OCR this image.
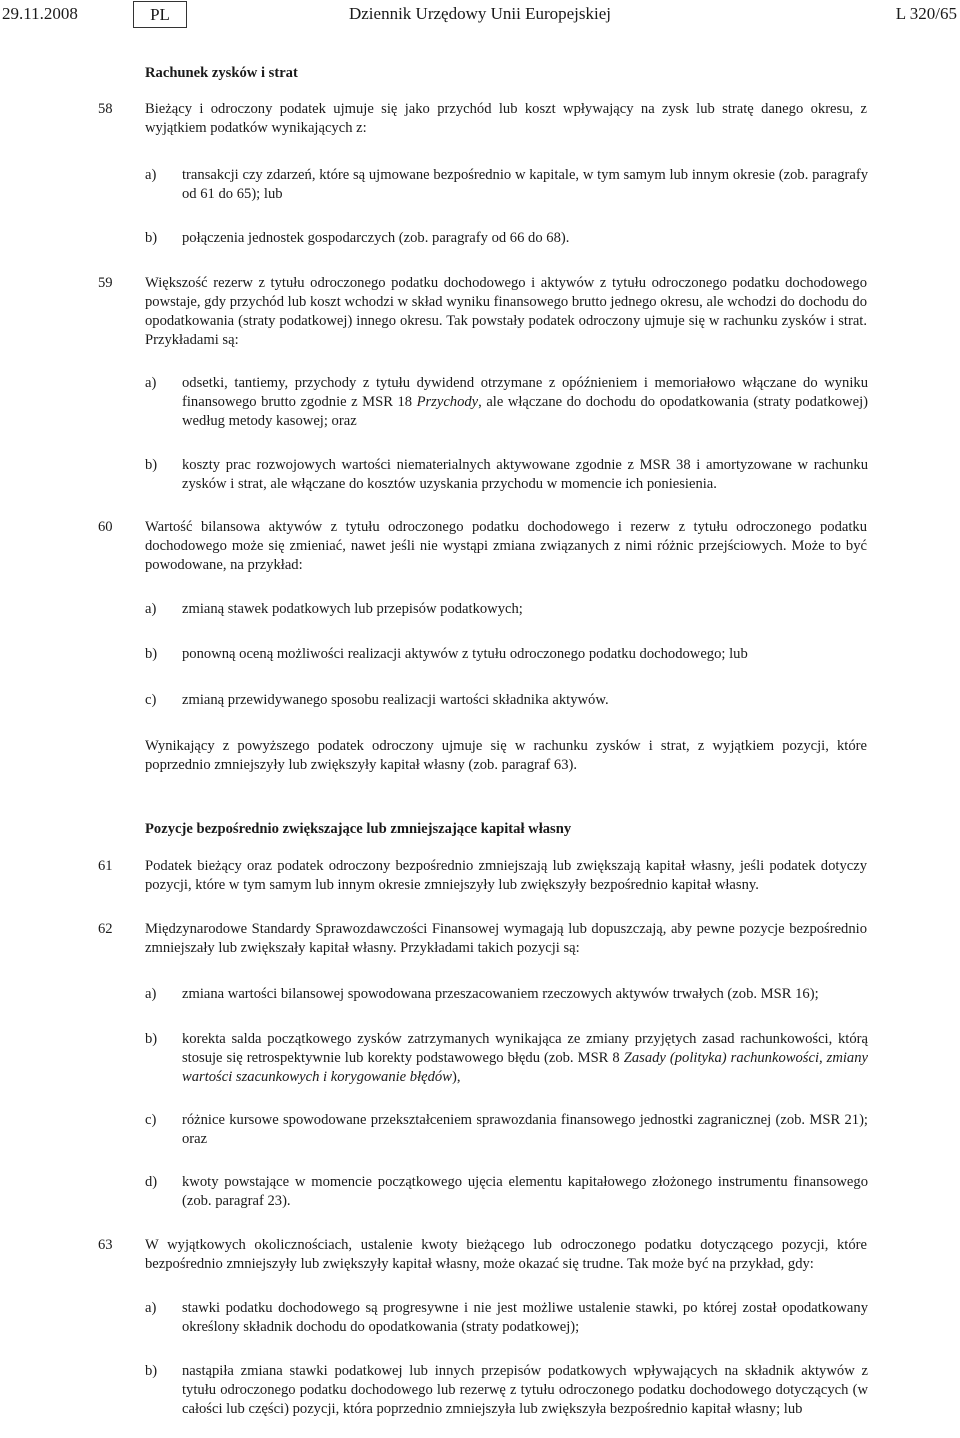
29.11.2008	PL	Dziennik Urzędowy Unii Europejskiej	L 320/65
Rachunek zysków i strat
58 Bieżący i odroczony podatek ujmuje się jako przychód lub koszt wpływający na zysk lub stratę danego okresu, z wyjątkiem podatków wynikających z:
a) transakcji czy zdarzeń, które są ujmowane bezpośrednio w kapitale, w tym samym lub innym okresie (zob. paragrafy od 61 do 65); lub
b) połączenia jednostek gospodarczych (zob. paragrafy od 66 do 68).
59 Większość rezerw z tytułu odroczonego podatku dochodowego i aktywów z tytułu odroczonego podatku dochodowego powstaje, gdy przychód lub koszt wchodzi w skład wyniku finansowego brutto jednego okresu, ale wchodzi do dochodu do opodatkowania (straty podatkowej) innego okresu. Tak powstały podatek odroczony ujmuje się w rachunku zysków i strat. Przykładami są:
a) odsetki, tantiemy, przychody z tytułu dywidend otrzymane z opóźnieniem i memoriałowo włączane do wyniku finansowego brutto zgodnie z MSR 18 Przychody, ale włączane do dochodu do opodatkowania (straty podatkowej) według metody kasowej; oraz
b) koszty prac rozwojowych wartości niematerialnych aktywowane zgodnie z MSR 38 i amortyzowane w rachunku zysków i strat, ale włączane do kosztów uzyskania przychodu w momencie ich poniesienia.
60 Wartość bilansowa aktywów z tytułu odroczonego podatku dochodowego i rezerw z tytułu odroczonego podatku dochodowego może się zmieniać, nawet jeśli nie wystąpi zmiana związanych z nimi różnic przejściowych. Może to być powodowane, na przykład:
a) zmianą stawek podatkowych lub przepisów podatkowych;
b) ponowną oceną możliwości realizacji aktywów z tytułu odroczonego podatku dochodowego; lub
c) zmianą przewidywanego sposobu realizacji wartości składnika aktywów.
Wynikający z powyższego podatek odroczony ujmuje się w rachunku zysków i strat, z wyjątkiem pozycji, które poprzednio zmniejszyły lub zwiększyły kapitał własny (zob. paragraf 63).
Pozycje bezpośrednio zwiększające lub zmniejszające kapitał własny
61 Podatek bieżący oraz podatek odroczony bezpośrednio zmniejszają lub zwiększają kapitał własny, jeśli podatek dotyczy pozycji, które w tym samym lub innym okresie zmniejszyły lub zwiększyły bezpośrednio kapitał własny.
62 Międzynarodowe Standardy Sprawozdawczości Finansowej wymagają lub dopuszczają, aby pewne pozycje bezpośrednio zmniejszały lub zwiększały kapitał własny. Przykładami takich pozycji są:
a) zmiana wartości bilansowej spowodowana przeszacowaniem rzeczowych aktywów trwałych (zob. MSR 16);
b) korekta salda początkowego zysków zatrzymanych wynikająca ze zmiany przyjętych zasad rachunkowości, którą stosuje się retrospektywnie lub korekty podstawowego błędu (zob. MSR 8 Zasady (polityka) rachunkowości, zmiany wartości szacunkowych i korygowanie błędów),
c) różnice kursowe spowodowane przekształceniem sprawozdania finansowego jednostki zagranicznej (zob. MSR 21); oraz
d) kwoty powstające w momencie początkowego ujęcia elementu kapitałowego złożonego instrumentu finansowego (zob. paragraf 23).
63 W wyjątkowych okolicznościach, ustalenie kwoty bieżącego lub odroczonego podatku dotyczącego pozycji, które bezpośrednio zmniejszyły lub zwiększyły kapitał własny, może okazać się trudne. Tak może być na przykład, gdy:
a) stawki podatku dochodowego są progresywne i nie jest możliwe ustalenie stawki, po której został opodatkowany określony składnik dochodu do opodatkowania (straty podatkowej);
b) nastąpiła zmiana stawki podatkowej lub innych przepisów podatkowych wpływających na składnik aktywów z tytułu odroczonego podatku dochodowego lub rezerwę z tytułu odroczonego podatku dochodowego dotyczących (w całości lub części) pozycji, która poprzednio zmniejszyła lub zwiększyła bezpośrednio kapitał własny; lub
